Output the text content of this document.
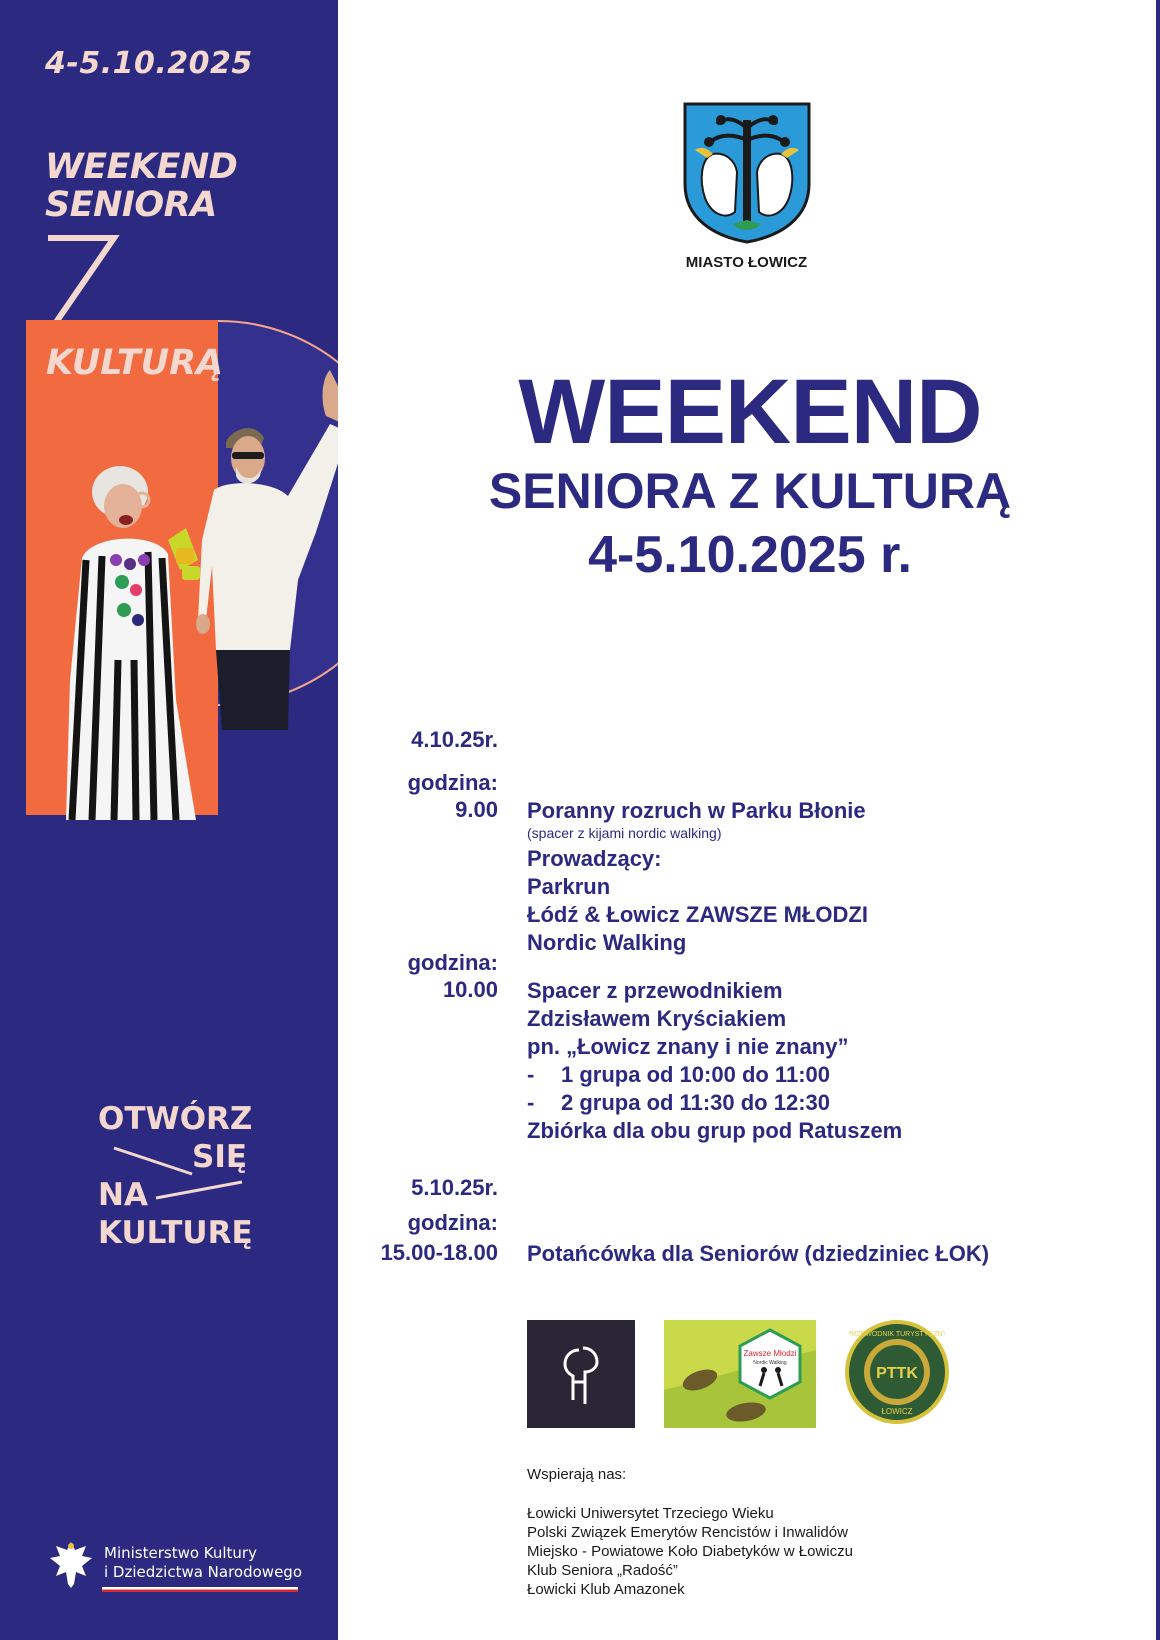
4-5.10.2025
WEEKEND
SENIORA
KULTURĄ
OTWÓRZ
SIĘ
NA
KULTURĘ
Ministerstwo Kultury
i Dziedzictwa Narodowego
MIASTO ŁOWICZ
WEEKEND
SENIORA Z KULTURĄ
4-5.10.2025 r.
4.10.25r.
godzina:
9.00 Poranny rozruch w Parku Błonie
(spacer z kijami nordic walking)
Prowadzący:
Parkrun
Łódź & Łowicz ZAWSZE MŁODZI
Nordic Walking
godzina:
10.00 Spacer z przewodnikiem
Zdzisławem Kryściakiem
pn. „Łowicz znany i nie znany”
- 1 grupa od 10:00 do 11:00
- 2 grupa od 11:30 do 12:30
Zbiórka dla obu grup pod Ratuszem
5.10.25r.
godzina:
15.00-18.00 Potańcówka dla Seniorów (dziedziniec ŁOK)
Zawsze Młodzi
Nordic Walking
PTTK
PRZEWODNIK TURYSTYCZNY
ŁOWICZ
Wspierają nas:
Łowicki Uniwersytet Trzeciego Wieku
Polski Związek Emerytów Rencistów i Inwalidów
Miejsko - Powiatowe Koło Diabetyków w Łowiczu
Klub Seniora „Radość”
Łowicki Klub Amazonek
